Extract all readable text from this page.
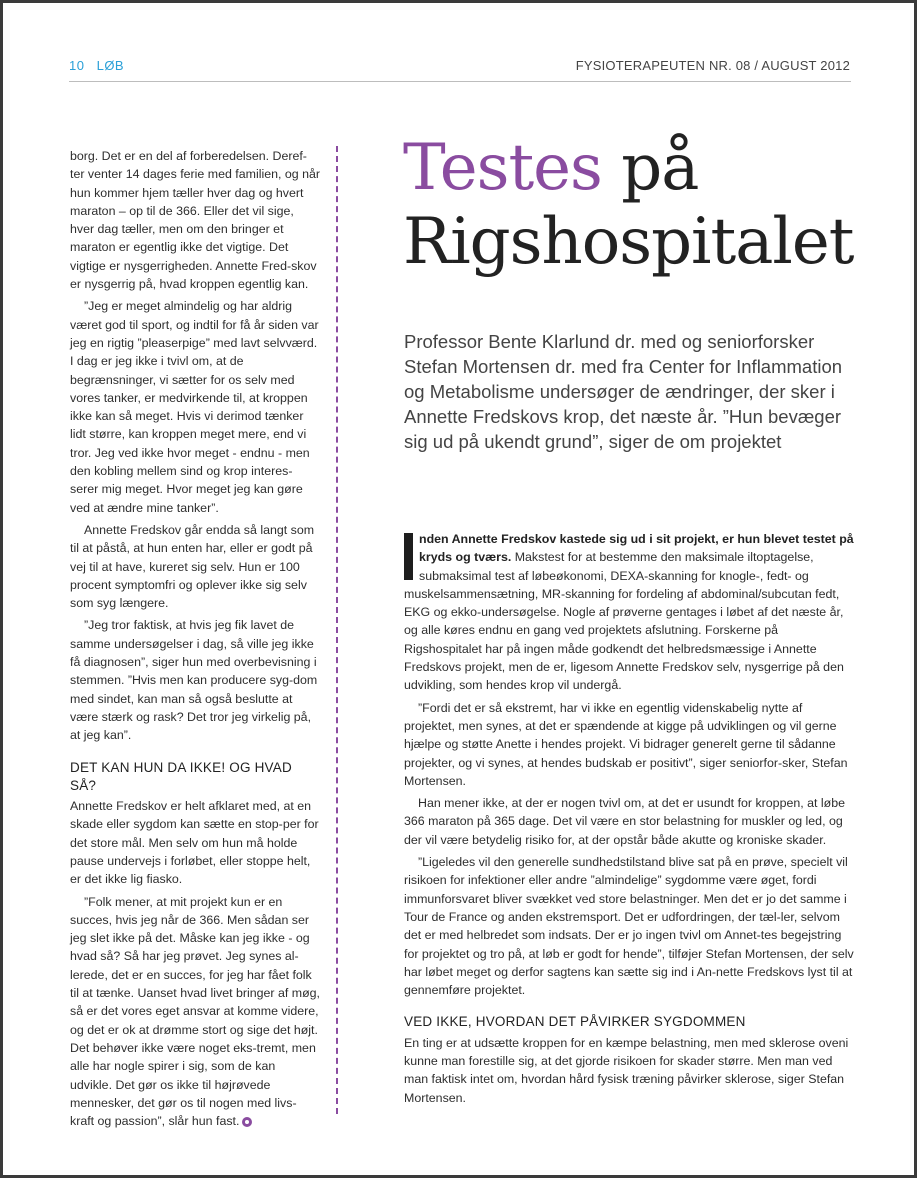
10 LØB	FYSIOTERAPEUTEN NR. 08 / AUGUST 2012

borg. Det er en del af forberedelsen. Deref-ter venter 14 dages ferie med familien, og når hun kommer hjem tæller hver dag og hvert maraton – op til de 366. Eller det vil sige, hver dag tæller, men om den bringer et maraton er egentlig ikke det vigtige. Det vigtige er nysgerrigheden. Annette Fred-skov er nysgerrig på, hvad kroppen egentlig kan.

”Jeg er meget almindelig og har aldrig været god til sport, og indtil for få år siden var jeg en rigtig ”pleaserpige” med lavt selvværd. I dag er jeg ikke i tvivl om, at de begrænsninger, vi sætter for os selv med vores tanker, er medvirkende til, at kroppen ikke kan så meget. Hvis vi derimod tænker lidt større, kan kroppen meget mere, end vi tror. Jeg ved ikke hvor meget - endnu - men den kobling mellem sind og krop interes-serer mig meget. Hvor meget jeg kan gøre ved at ændre mine tanker”.

Annette Fredskov går endda så langt som til at påstå, at hun enten har, eller er godt på vej til at have, kureret sig selv. Hun er 100 procent symptomfri og oplever ikke sig selv som syg længere.

”Jeg tror faktisk, at hvis jeg fik lavet de samme undersøgelser i dag, så ville jeg ikke få diagnosen”, siger hun med overbevisning i stemmen. ”Hvis men kan producere syg-dom med sindet, kan man så også beslutte at være stærk og rask? Det tror jeg virkelig på, at jeg kan”.

DET KAN HUN DA IKKE! OG HVAD SÅ?

Annette Fredskov er helt afklaret med, at en skade eller sygdom kan sætte en stop-per for det store mål. Men selv om hun må holde pause undervejs i forløbet, eller stoppe helt, er det ikke lig fiasko.

”Folk mener, at mit projekt kun er en succes, hvis jeg når de 366. Men sådan ser jeg slet ikke på det. Måske kan jeg ikke - og hvad så? Så har jeg prøvet. Jeg synes al-lerede, det er en succes, for jeg har fået folk til at tænke. Uanset hvad livet bringer af møg, så er det vores eget ansvar at komme videre, og det er ok at drømme stort og sige det højt. Det behøver ikke være noget eks-tremt, men alle har nogle spirer i sig, som de kan udvikle. Det gør os ikke til højrøvede mennesker, det gør os til nogen med livs-kraft og passion”, slår hun fast.

Testes på
Rigshospitalet
Professor Bente Klarlund dr. med og seniorforsker Stefan Mortensen dr. med fra Center for Inflammation og Metabolisme undersøger de ændringer, der sker i Annette Fredskovs krop, det næste år. ”Hun bevæger sig ud på ukendt grund”, siger de om projektet

nden Annette Fredskov kastede sig ud i sit projekt, er hun blevet testet på kryds og tværs. Makstest for at bestemme den maksimale iltoptagelse, submaksimal test af løbeøkonomi, DEXA-skanning for knogle-, fedt- og muskelsammensætning, MR-skanning for fordeling af abdominal/subcutan fedt, EKG og ekko-undersøgelse. Nogle af prøverne gentages i løbet af det næste år, og alle køres endnu en gang ved projektets afslutning. Forskerne på Rigshospitalet har på ingen måde godkendt det helbredsmæssige i Annette Fredskovs projekt, men de er, ligesom Annette Fredskov selv, nysgerrige på den udvikling, som hendes krop vil undergå.

”Fordi det er så ekstremt, har vi ikke en egentlig videnskabelig nytte af projektet, men synes, at det er spændende at kigge på udviklingen og vil gerne hjælpe og støtte Anette i hendes projekt. Vi bidrager generelt gerne til sådanne projekter, og vi synes, at hendes budskab er positivt”, siger seniorfor-sker, Stefan Mortensen.

Han mener ikke, at der er nogen tvivl om, at det er usundt for kroppen, at løbe 366 maraton på 365 dage. Det vil være en stor belastning for muskler og led, og der vil være betydelig risiko for, at der opstår både akutte og kroniske skader.

”Ligeledes vil den generelle sundhedstilstand blive sat på en prøve, specielt vil risikoen for infektioner eller andre ”almindelige” sygdomme være øget, fordi immunforsvaret bliver svækket ved store belastninger. Men det er jo det samme i Tour de France og anden ekstremsport. Det er udfordringen, der tæl-ler, selvom det er med helbredet som indsats. Der er jo ingen tvivl om Annet-tes begejstring for projektet og tro på, at løb er godt for hende”, tilføjer Stefan Mortensen, der selv har løbet meget og derfor sagtens kan sætte sig ind i An-nette Fredskovs lyst til at gennemføre projektet.

VED IKKE, HVORDAN DET PÅVIRKER SYGDOMMEN

En ting er at udsætte kroppen for en kæmpe belastning, men med sklerose oveni kunne man forestille sig, at det gjorde risikoen for skader større. Men man ved man faktisk intet om, hvordan hård fysisk træning påvirker sklerose, siger Stefan Mortensen.
